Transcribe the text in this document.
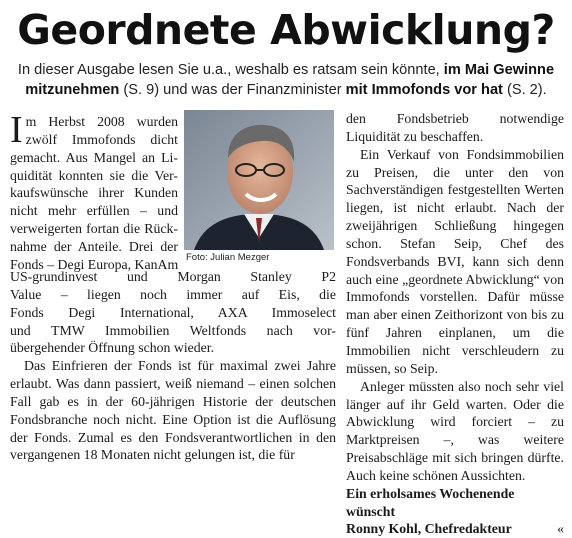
Geordnete Abwicklung?
In dieser Ausgabe lesen Sie u.a., weshalb es ratsam sein könnte, im Mai Gewinne mitzunehmen (S. 9) und was der Finanzminister mit Immofonds vor hat (S. 2).
I m Herbst 2008 wurden
zwölf Immofonds dicht
gemacht. Aus Mangel an Li-
quidität konnten sie die Ver-
kaufswünsche ihrer Kunden
nicht mehr erfüllen – und
verweigerten fortan die Rück-
nahme der Anteile. Drei der
Fonds – Degi Europa, KanAm Foto: Julian Mezger
US-grundinvest und Morgan Stanley P2
Value – liegen noch immer auf Eis, die
Fonds Degi International, AXA Immoselect
und TMW Immobilien Weltfonds nach vor-
übergehender Öffnung schon wieder.

Das Einfrieren der Fonds ist für maximal zwei Jahre erlaubt. Was dann passiert, weiß niemand – einen solchen Fall gab es in der 60-jährigen Historie der deutschen Fondsbranche noch nicht. Eine Option ist die Auflösung der Fonds. Zumal es den Fondsverantwortlichen in den vergangenen 18 Monaten nicht gelungen ist, die für

den Fondsbetrieb notwendige Liquidität zu beschaffen.

Ein Verkauf von Fondsimmobilien zu Preisen, die unter den von Sachverständigen festgestellten Werten liegen, ist nicht erlaubt. Nach der zweijährigen Schließung hingegen schon. Stefan Seip, Chef des Fondsverbands BVI, kann sich denn auch eine „geordnete Abwicklung“ von Immofonds vorstellen. Dafür müsse man aber einen Zeithorizont von bis zu fünf Jahren einplanen, um die Immobilien nicht verschleudern zu müssen, so Seip.

Anleger müssten also noch sehr viel länger auf ihr Geld warten. Oder die Abwicklung wird forciert – zu Marktpreisen –, was weitere Preisabschläge mit sich bringen dürfte. Auch keine schönen Aussichten.

Ein erholsames Wochenende wünscht

Ronny Kohl, Chefredakteur	«
